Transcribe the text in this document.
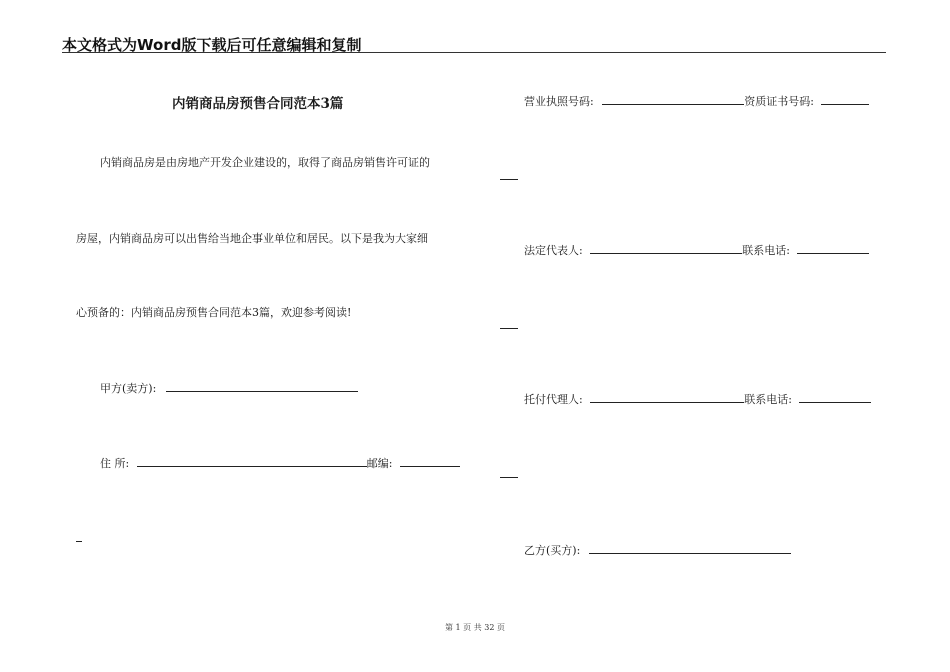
本文格式为Word版下载后可任意编辑和复制
内销商品房预售合同范本3篇
内销商品房是由房地产开发企业建设的，取得了商品房销售许可证的
房屋，内销商品房可以出售给当地企事业单位和居民。以下是我为大家细
心预备的：内销商品房预售合同范本3篇，欢迎参考阅读!
甲方(卖方):
住 所:	邮编:
营业执照号码:	资质证书号码:
法定代表人:	联系电话:
托付代理人:	联系电话:
乙方(买方):
第 1 页 共 32 页
